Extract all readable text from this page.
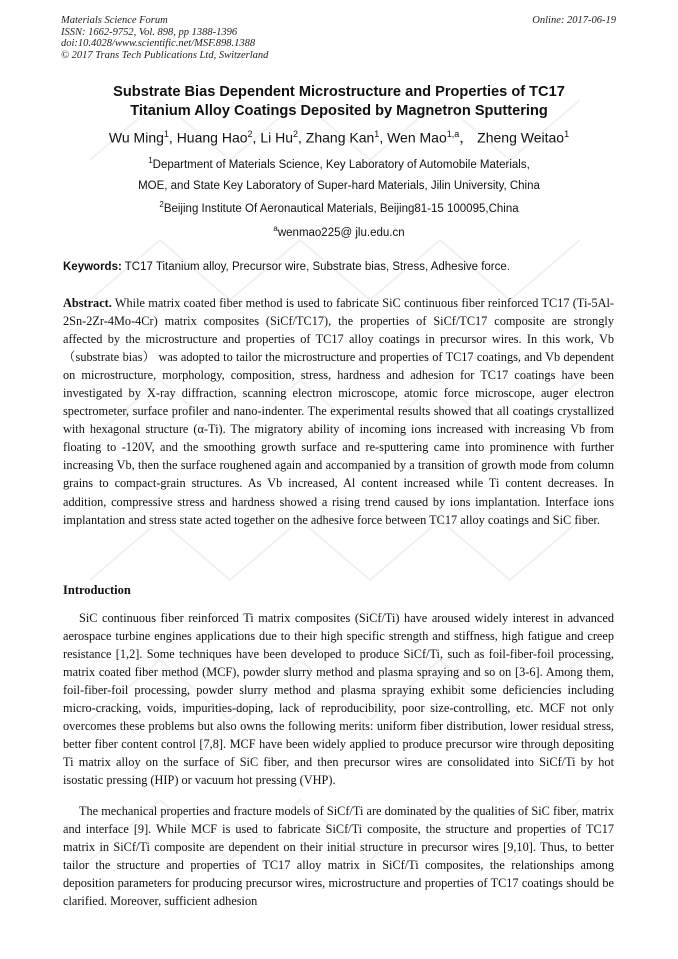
Materials Science Forum
ISSN: 1662-9752, Vol. 898, pp 1388-1396
doi:10.4028/www.scientific.net/MSF.898.1388
© 2017 Trans Tech Publications Ltd, Switzerland
Online: 2017-06-19
Substrate Bias Dependent Microstructure and Properties of TC17
Titanium Alloy Coatings Deposited by Magnetron Sputtering
Wu Ming$^1$, Huang Hao$^2$, Li Hu$^2$, Zhang Kan$^1$, Wen Mao$^{1,a}$， Zheng Weitao$^1$
$^1$Department of Materials Science, Key Laboratory of Automobile Materials,
MOE, and State Key Laboratory of Super-hard Materials, Jilin University, China
$^2$Beijing Institute Of Aeronautical Materials, Beijing81-15 100095,China
$^a$wenmao225@ jlu.edu.cn
Keywords: TC17 Titanium alloy, Precursor wire, Substrate bias, Stress, Adhesive force.
Abstract. While matrix coated fiber method is used to fabricate SiC continuous fiber reinforced TC17 (Ti-5Al-2Sn-2Zr-4Mo-4Cr) matrix composites (SiCf/TC17), the properties of SiCf/TC17 composite are strongly affected by the microstructure and properties of TC17 alloy coatings in precursor wires. In this work, Vb（substrate bias） was adopted to tailor the microstructure and properties of TC17 coatings, and Vb dependent on microstructure, morphology, composition, stress, hardness and adhesion for TC17 coatings have been investigated by X-ray diffraction, scanning electron microscope, atomic force microscope, auger electron spectrometer, surface profiler and nano-indenter. The experimental results showed that all coatings crystallized with hexagonal structure (α-Ti). The migratory ability of incoming ions increased with increasing Vb from floating to -120V, and the smoothing growth surface and re-sputtering came into prominence with further increasing Vb, then the surface roughened again and accompanied by a transition of growth mode from column grains to compact-grain structures. As Vb increased, Al content increased while Ti content decreases. In addition, compressive stress and hardness showed a rising trend caused by ions implantation. Interface ions implantation and stress state acted together on the adhesive force between TC17 alloy coatings and SiC fiber.
Introduction
SiC continuous fiber reinforced Ti matrix composites (SiCf/Ti) have aroused widely interest in advanced aerospace turbine engines applications due to their high specific strength and stiffness, high fatigue and creep resistance [1,2]. Some techniques have been developed to produce SiCf/Ti, such as foil-fiber-foil processing, matrix coated fiber method (MCF), powder slurry method and plasma spraying and so on [3-6]. Among them, foil-fiber-foil processing, powder slurry method and plasma spraying exhibit some deficiencies including micro-cracking, voids, impurities-doping, lack of reproducibility, poor size-controlling, etc. MCF not only overcomes these problems but also owns the following merits: uniform fiber distribution, lower residual stress, better fiber content control [7,8]. MCF have been widely applied to produce precursor wire through depositing Ti matrix alloy on the surface of SiC fiber, and then precursor wires are consolidated into SiCf/Ti by hot isostatic pressing (HIP) or vacuum hot pressing (VHP).
The mechanical properties and fracture models of SiCf/Ti are dominated by the qualities of SiC fiber, matrix and interface [9]. While MCF is used to fabricate SiCf/Ti composite, the structure and properties of TC17 matrix in SiCf/Ti composite are dependent on their initial structure in precursor wires [9,10]. Thus, to better tailor the structure and properties of TC17 alloy matrix in SiCf/Ti composites, the relationships among deposition parameters for producing precursor wires, microstructure and properties of TC17 coatings should be clarified. Moreover, sufficient adhesion
